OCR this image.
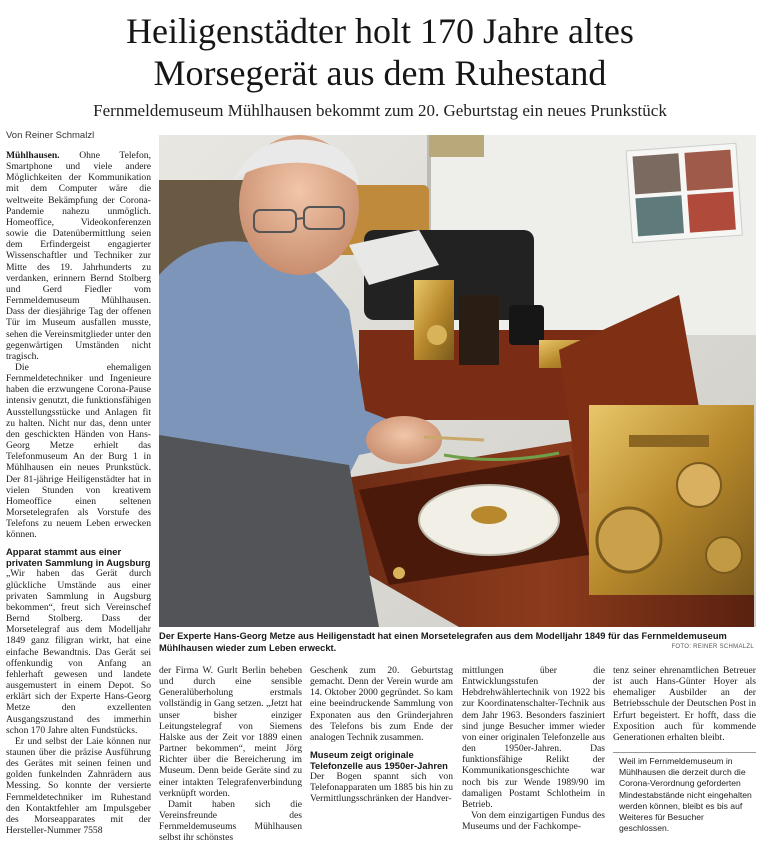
Heiligenstädter holt 170 Jahre altes
Morsegerät aus dem Ruhestand

Fernmeldemuseum Mühlhausen bekommt zum 20. Geburtstag ein neues Prunkstück

Von Reiner Schmalzl

Mühlhausen. Ohne Telefon, Smartphone und viele andere Möglichkeiten der Kommunikation mit dem Computer wäre die weltweite Bekämpfung der Corona-Pandemie nahezu unmöglich. Homeoffice, Videokonferenzen sowie die Datenübermittlung seien dem Erfindergeist engagierter Wissenschaftler und Techniker zur Mitte des 19. Jahrhunderts zu verdanken, erinnern Bernd Stolberg und Gerd Fiedler vom Fernmeldemuseum Mühlhausen. Dass der diesjährige Tag der offenen Tür im Museum ausfallen musste, sehen die Vereinsmitglieder unter den gegenwärtigen Umständen nicht tragisch.

Die ehemaligen Fernmeldetechniker und Ingenieure haben die erzwungene Corona-Pause intensiv genutzt, die funktionsfähigen Ausstellungsstücke und Anlagen fit zu halten. Nicht nur das, denn unter den geschickten Händen von Hans-Georg Metze erhielt das Telefonmuseum An der Burg 1 in Mühlhausen ein neues Prunkstück. Der 81-jährige Heiligenstädter hat in vielen Stunden von kreativem Homeoffice einen seltenen Morsetelegrafen als Vorstufe des Telefons zu neuem Leben erwecken können.

Apparat stammt aus einer privaten Sammlung in Augsburg

„Wir haben das Gerät durch glückliche Umstände aus einer privaten Sammlung in Augsburg bekommen“, freut sich Vereinschef Bernd Stolberg. Dass der Morsetelegraf aus dem Modelljahr 1849 ganz filigran wirkt, hat eine einfache Bewandtnis. Das Gerät sei offenkundig von Anfang an fehlerhaft gewesen und landete ausgemustert in einem Depot. So erklärt sich der Experte Hans-Georg Metze den exzellenten Ausgangszustand des immerhin schon 170 Jahre alten Fundstücks.

Er und selbst der Laie können nur staunen über die präzise Ausführung des Gerätes mit seinen feinen und golden funkelnden Zahnrädern aus Messing. So konnte der versierte Fernmeldetechniker im Ruhestand den Kontaktfehler am Impulsgeber des Morseapparates mit der Hersteller-Nummer 7558

Der Experte Hans-Georg Metze aus Heiligenstadt hat einen Morsetelegrafen aus dem Modelljahr 1849 für das Fernmeldemuseum Mühlhausen wieder zum Leben erweckt.	FOTO: REINER SCHMALZL

der Firma W. Gurlt Berlin beheben und durch eine sensible Generalüberholung erstmals vollständig in Gang setzen. „Jetzt hat unser bisher einziger Leitungstelegraf von Siemens Halske aus der Zeit vor 1889 einen Partner bekommen“, meint Jörg Richter über die Bereicherung im Museum. Denn beide Geräte sind zu einer intakten Telegrafenverbindung verknüpft worden.

Damit haben sich die Vereinsfreunde des Fernmeldemuseums Mühlhausen selbst ihr schönstes

Geschenk zum 20. Geburtstag gemacht. Denn der Verein wurde am 14. Oktober 2000 gegründet. So kam eine beeindruckende Sammlung von Exponaten aus den Gründerjahren des Telefons bis zum Ende der analogen Technik zusammen.

Museum zeigt originale Telefonzelle aus 1950er-Jahren

Der Bogen spannt sich von Telefonapparaten um 1885 bis hin zu Vermittlungsschränken der Handver-

mittlungen über die Entwicklungsstufen der Hebdrehwählertechnik von 1922 bis zur Koordinatenschalter-Technik aus dem Jahr 1963. Besonders fasziniert sind junge Besucher immer wieder von einer originalen Telefonzelle aus den 1950er-Jahren. Das funktionsfähige Relikt der Kommunikationsgeschichte war noch bis zur Wende 1989/90 im damaligen Postamt Schlotheim in Betrieb.

Von dem einzigartigen Fundus des Museums und der Fachkompe-

tenz seiner ehrenamtlichen Betreuer ist auch Hans-Günter Hoyer als ehemaliger Ausbilder an der Betriebsschule der Deutschen Post in Erfurt begeistert. Er hofft, dass die Exposition auch für kommende Generationen erhalten bleibt.

Weil im Fernmeldemuseum in Mühlhausen die derzeit durch die Corona-Verordnung geforderten Mindestabstände nicht eingehalten werden können, bleibt es bis auf Weiteres für Besucher geschlossen.
